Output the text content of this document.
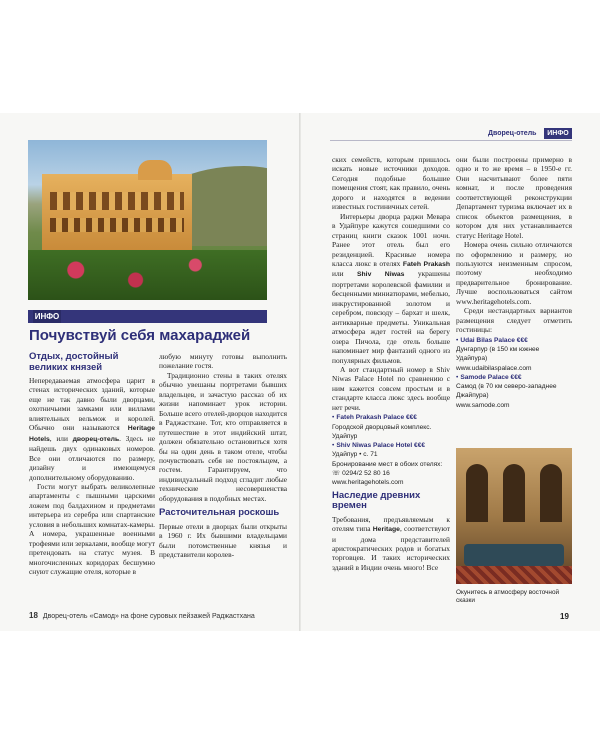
ИНФО
Почувствуй себя махараджей
Отдых, достойный великих князей

Непередаваемая атмосфера царит в стенах исторических зданий, которые еще не так давно были дворцами, охотничьими замками или виллами влиятельных вельмож и королей. Обычно они называются Heritage Hotels, или дворец-отель. Здесь не найдешь двух одинаковых номеров. Все они отличаются по размеру, дизайну и имеющемуся дополнительному оборудованию.

Гости могут выбрать великолепные апартаменты с пышными царскими ложем под балдахином и предметами интерьера из серебра или спартанские условия в небольших комнатах-камеры. А номера, украшенные военными трофеями или зеркалами, вообще могут претендовать на статус музея. В многочисленных коридорах бесшумно снуют служащие отеля, которые в

любую минуту готовы выполнить пожелание гостя.

Традиционно стены в таких отелях обычно увешаны портретами бывших владельцев, и зачастую рассказ об их жизни напоминает урок истории. Больше всего отелей-дворцов находится в Раджастхане. Тот, кто отправляется в путешествие в этот индийский штат, должен обязательно остановиться хотя бы на один день в таком отеле, чтобы почувствовать себя не постояльцем, а гостем. Гарантируем, что индивидуальный подход сгладит любые технические несовершенства оборудования в подобных местах.

Расточительная роскошь

Первые отели в дворцах были открыты в 1960 г. Их бывшими владельцами были потомственные князья и представители королев-

18 Дворец-отель «Самод» на фоне суровых пейзажей Раджастхана
Дворец-отель	ИНФО

ских семейств, которым пришлось искать новые источники доходов. Сегодня подобные большие помещения стоят, как правило, очень дорого и находятся в ведении известных гостиничных сетей.

Интерьеры дворца раджи Мевара в Удайпуре кажутся сошедшими со страниц книги сказок 1001 ночи. Ранее этот отель был его резиденцией. Красивые номера класса люкс в отелях Fateh Prakash или Shiv Niwas украшены портретами королевской фамилии и бесценными миниатюрами, мебелью, инкрустированной золотом и серебром, повсюду – бархат и шелк, антикварные предметы. Уникальная атмосфера ждет гостей на берегу озера Пичола, где отель больше напоминает мир фантазий одного из популярных фильмов.

А вот стандартный номер в Shiv Niwas Palace Hotel по сравнению с ним кажется совсем простым и в стандарте класса люкс здесь вообще нет речи.

• Fateh Prakash Palace €€€
Городской дворцовый комплекс.
Удайпур
• Shiv Niwas Palace Hotel €€€
Удайпур • с. 71
Бронирование мест в обоих отелях:
☏ 0294/2 52 80 16
www.heritagehotels.com
Наследие древних времен

Требования, предъявляемым к отелям типа Heritage, соответствуют и дома представителей аристократических родов и богатых торговцев. И таких исторических зданий в Индии очень много! Все

они были построены примерно в одно и то же время – в 1950-е гг. Они насчитывают более пяти комнат, и после проведения соответствующей реконструкции Департамент туризма включает их в список объектов размещения, в котором для них устанавливается статус Heritage Hotel.

Номера очень сильно отличаются по оформлению и размеру, но пользуются неизменным спросом, поэтому необходимо предварительное бронирование. Лучше воспользоваться сайтом www.heritagehotels.com.

Среди нестандартных вариантов размещения следует отметить гостиницы:

• Udai Bilas Palace €€€
Дунгарпур (в 150 км южнее Удайпура)
www.udaibilaspalace.com
• Samode Palace €€€
Самод (в 70 км северо-западнее Джайпура)
www.samode.com
Окунитесь в атмосферу восточной сказки
19
